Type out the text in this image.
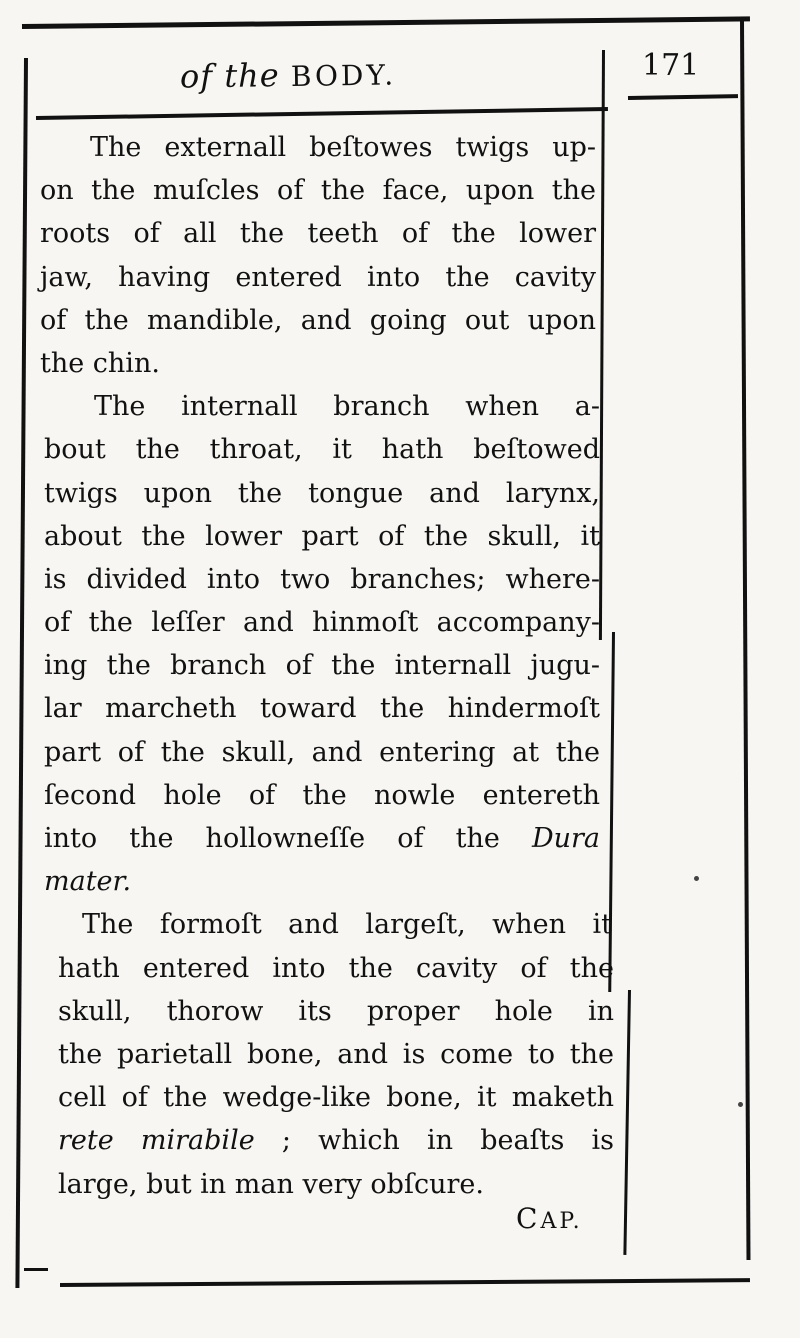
of the BODY.	171
The externall beſtowes twigs up-
on the muſcles of the face, upon the
roots of all the teeth of the lower
jaw, having entered into the cavity
of the mandible, and going out upon
the chin.
The internall branch when a-
bout the throat, it hath beſtowed
twigs upon the tongue and larynx,
about the lower part of the skull, it
is divided into two branches; where-
of the leſſer and hinmoſt accompany-
ing the branch of the internall jugu-
lar marcheth toward the hindermoſt
part of the skull, and entering at the
ſecond hole of the nowle entereth
into the hollowneſſe of the Dura
mater.
The formoſt and largeſt, when it
hath entered into the cavity of the
skull, thorow its proper hole in
the parietall bone, and is come to the
cell of the wedge-like bone, it maketh
rete mirabile ; which in beaſts is
large, but in man very obſcure.
CAP.
